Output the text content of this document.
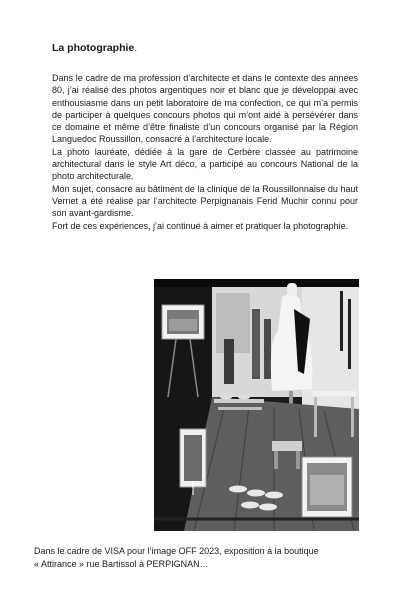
La photographie.

Dans le cadre de ma profession d’architecte et dans le contexte des années 80, j’ai réalisé des photos argentiques noir et blanc que je développai avec enthousiasme dans un petit laboratoire de ma confection, ce qui m’a permis de participer à quelques concours photos qui m’ont aidé à persévérer dans ce domaine et même d’être finaliste d’un concours organisé par la Région Languedoc Roussillon, consacré à l’architecture locale.

La photo lauréate, dédiée à la gare de Cerbère classée au patrimoine architectural dans le style Art déco, a participé au concours National de la photo architecturale.

Mon sujet, consacré au bâtiment de la clinique de la Roussillonnaise du haut Vernet a été réalisé par l’architecte Perpignanais Ferid Muchir connu pour son avant-gardisme.

Fort de ces expériences, j’ai continué à aimer et pratiquer la photographie.

Dans le cadre de VISA pour l’image OFF 2023, exposition à la boutique
« Attirance » rue Bartissol à PERPIGNAN…
